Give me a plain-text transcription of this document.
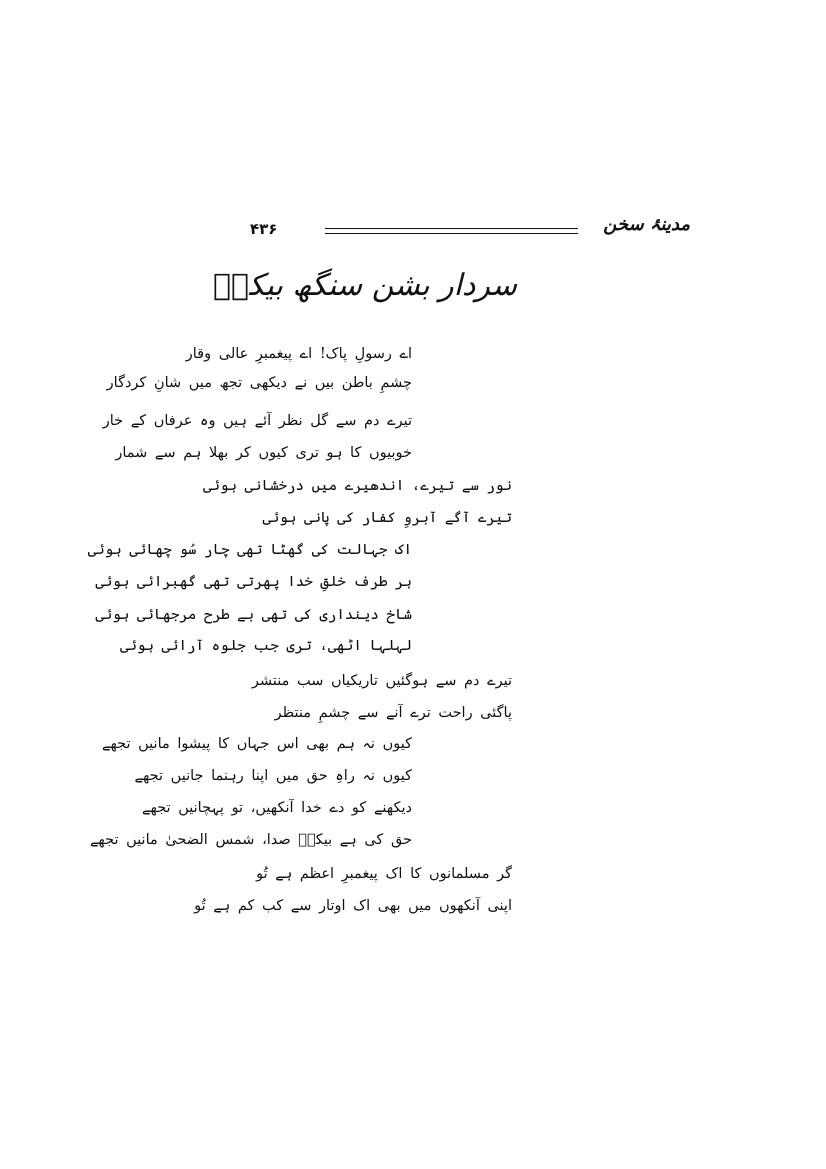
۴۳۶	مدینۂ سخن
سردار بشن سنگھ بیکلؔ
اے رسولِ پاک! اے پیغمبرِ عالی وقار
چشمِ باطن بیں نے دیکھی تجھ میں شانِ کردگار
تیرے دم سے گل نظر آئے ہیں وہ عرفاں کے خار
خوبیوں کا ہو تری کیوں کر بھلا ہم سے شمار
نور سے تیرے، اندھیرے میں درخشانی ہوئی
تیرے آگے آبروِ کفار کی پانی ہوئی
اک جہالت کی گھٹا تھی چار سُو چھائی ہوئی
ہر طرف خلقِ خدا پھرتی تھی گھبرائی ہوئی
شاخ دینداری کی تھی بے طرح مرجھائی ہوئی
لہلہا اٹھی، تری جب جلوہ آرائی ہوئی
تیرے دم سے ہوگئیں تاریکیاں سب منتشر
پاگئی راحت ترے آنے سے چشمِ منتظر
کیوں نہ ہم بھی اس جہاں کا پیشوا مانیں تجھے
کیوں نہ راہِ حق میں اپنا رہنما جانیں تجھے
دیکھنے کو دے خدا آنکھیں، تو پہچانیں تجھے
حق کی ہے بیکلؔ صدا، شمس الضحیٰ مانیں تجھے
گر مسلمانوں کا اک پیغمبرِ اعظم ہے تُو
اپنی آنکھوں میں بھی اک اوتار سے کب کم ہے تُو
